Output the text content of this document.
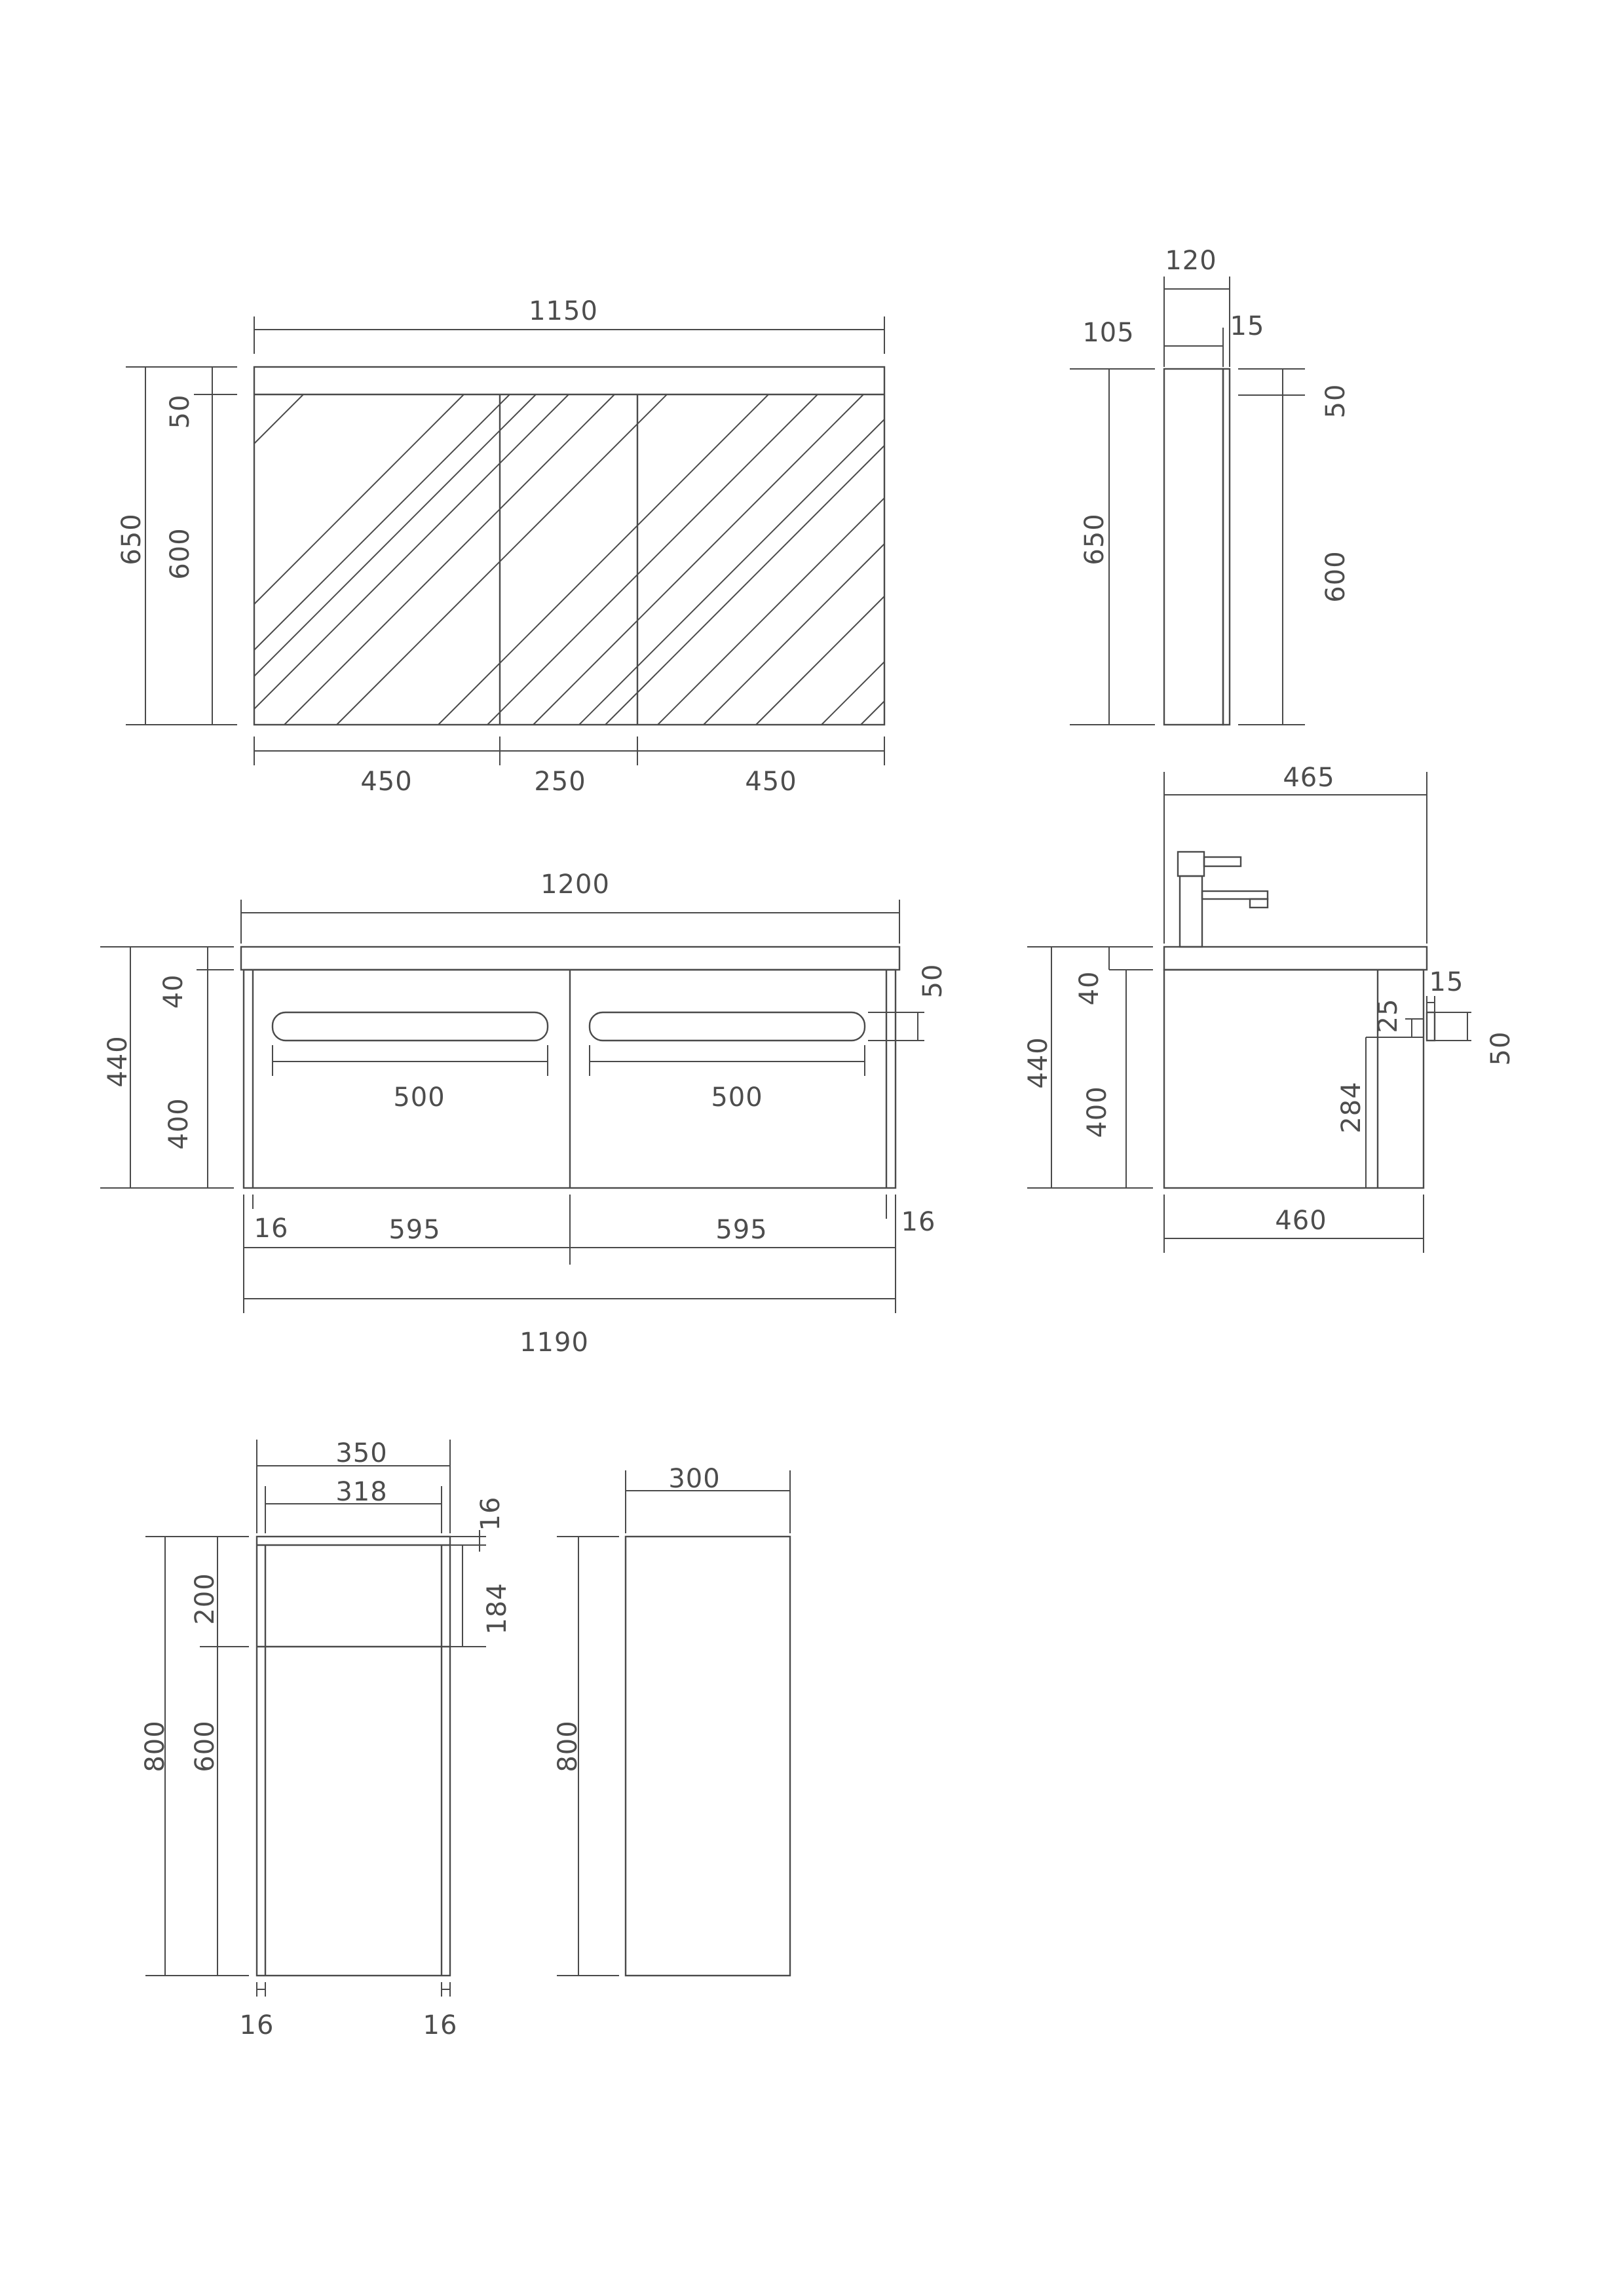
1150
450	250	450
650
50
600
120
105	15
650
50
600
1200
440
40
400
50
500	500
16	595	595	16
1190
465
440
40
400
25
284
15
50
460
350
318
16
184
800
200
600
16	16
300
800
